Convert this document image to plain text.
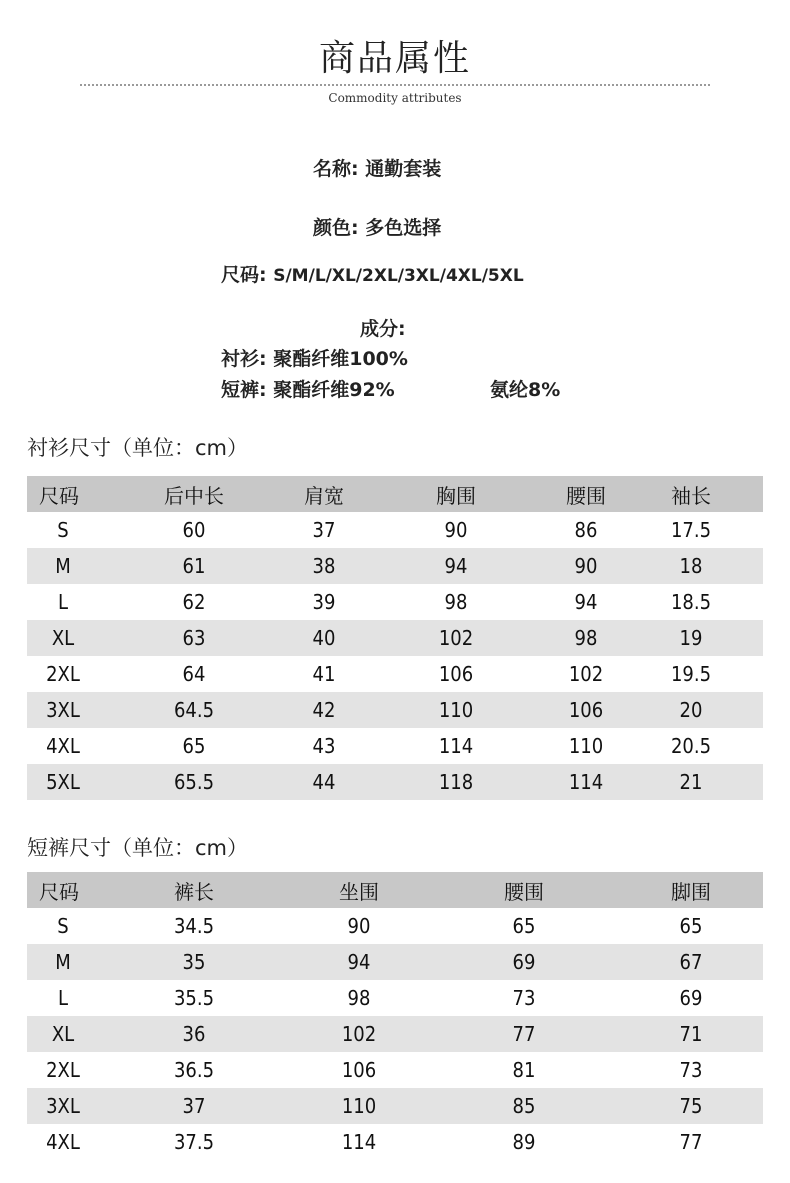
商品属性
Commodity attributes
名称: 通勤套装
颜色: 多色选择
尺码: S/M/L/XL/2XL/3XL/4XL/5XL
成分:
衬衫: 聚酯纤维100%
短裤: 聚酯纤维92%	氨纶8%
衬衫尺寸（单位：cm）
尺码	后中长	肩宽	胸围	腰围	袖长
S	60	37	90	86	17.5
M	61	38	94	90	18
L	62	39	98	94	18.5
XL	63	40	102	98	19
2XL	64	41	106	102	19.5
3XL	64.5	42	110	106	20
4XL	65	43	114	110	20.5
5XL	65.5	44	118	114	21
短裤尺寸（单位：cm）
尺码	裤长	坐围	腰围	脚围
S	34.5	90	65	65
M	35	94	69	67
L	35.5	98	73	69
XL	36	102	77	71
2XL	36.5	106	81	73
3XL	37	110	85	75
4XL	37.5	114	89	77
